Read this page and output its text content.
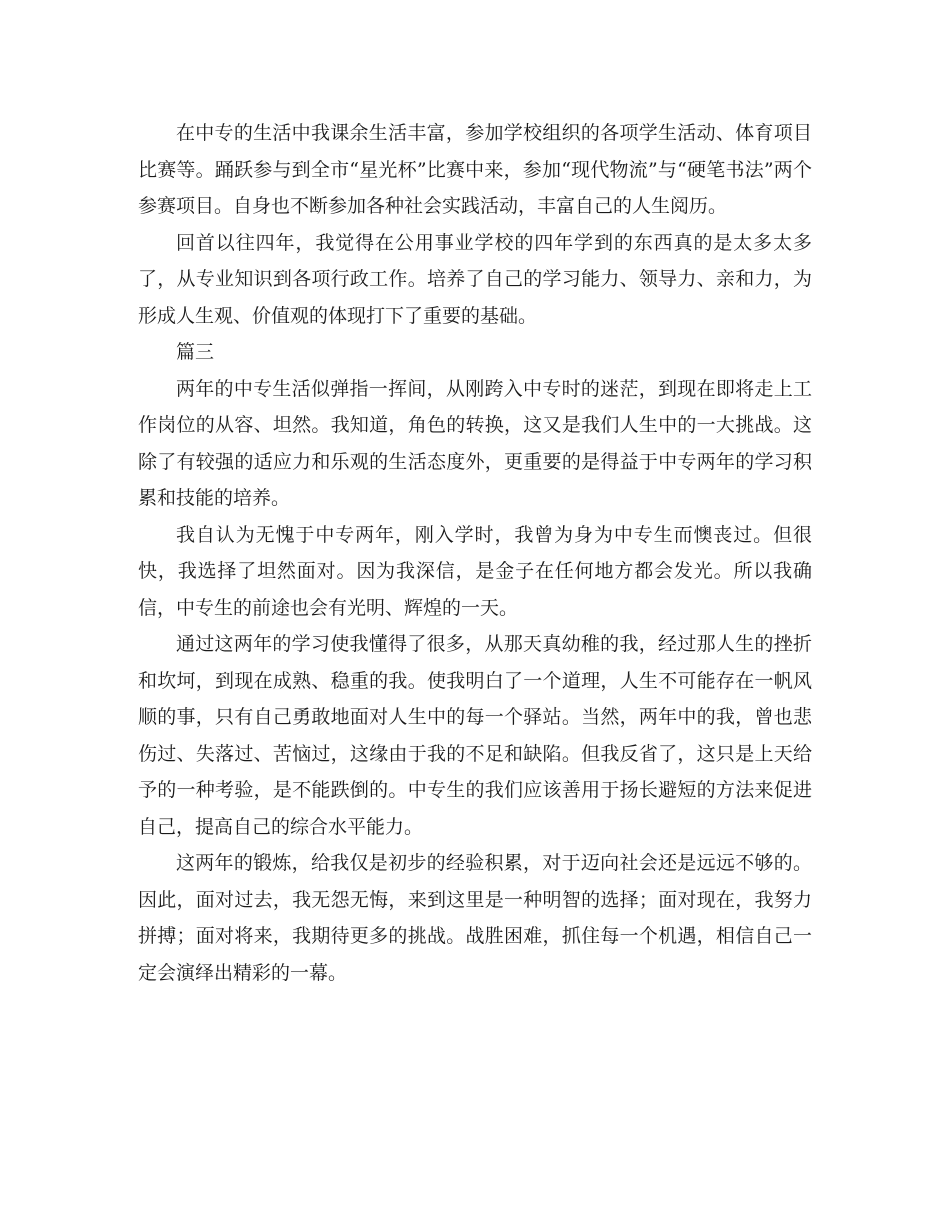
在中专的生活中我课余生活丰富，参加学校组织的各项学生活动、体育项目比赛等。踊跃参与到全市“星光杯”比赛中来，参加“现代物流”与“硬笔书法”两个参赛项目。自身也不断参加各种社会实践活动，丰富自己的人生阅历。

回首以往四年，我觉得在公用事业学校的四年学到的东西真的是太多太多了，从专业知识到各项行政工作。培养了自己的学习能力、领导力、亲和力，为形成人生观、价值观的体现打下了重要的基础。

篇三

两年的中专生活似弹指一挥间，从刚跨入中专时的迷茫，到现在即将走上工作岗位的从容、坦然。我知道，角色的转换，这又是我们人生中的一大挑战。这除了有较强的适应力和乐观的生活态度外，更重要的是得益于中专两年的学习积累和技能的培养。

我自认为无愧于中专两年，刚入学时，我曾为身为中专生而懊丧过。但很快，我选择了坦然面对。因为我深信，是金子在任何地方都会发光。所以我确信，中专生的前途也会有光明、辉煌的一天。

通过这两年的学习使我懂得了很多，从那天真幼稚的我，经过那人生的挫折和坎坷，到现在成熟、稳重的我。使我明白了一个道理，人生不可能存在一帆风顺的事，只有自己勇敢地面对人生中的每一个驿站。当然，两年中的我，曾也悲伤过、失落过、苦恼过，这缘由于我的不足和缺陷。但我反省了，这只是上天给予的一种考验，是不能跌倒的。中专生的我们应该善用于扬长避短的方法来促进自己，提高自己的综合水平能力。

这两年的锻炼，给我仅是初步的经验积累，对于迈向社会还是远远不够的。因此，面对过去，我无怨无悔，来到这里是一种明智的选择；面对现在，我努力拼搏；面对将来，我期待更多的挑战。战胜困难，抓住每一个机遇，相信自己一定会演绎出精彩的一幕。
